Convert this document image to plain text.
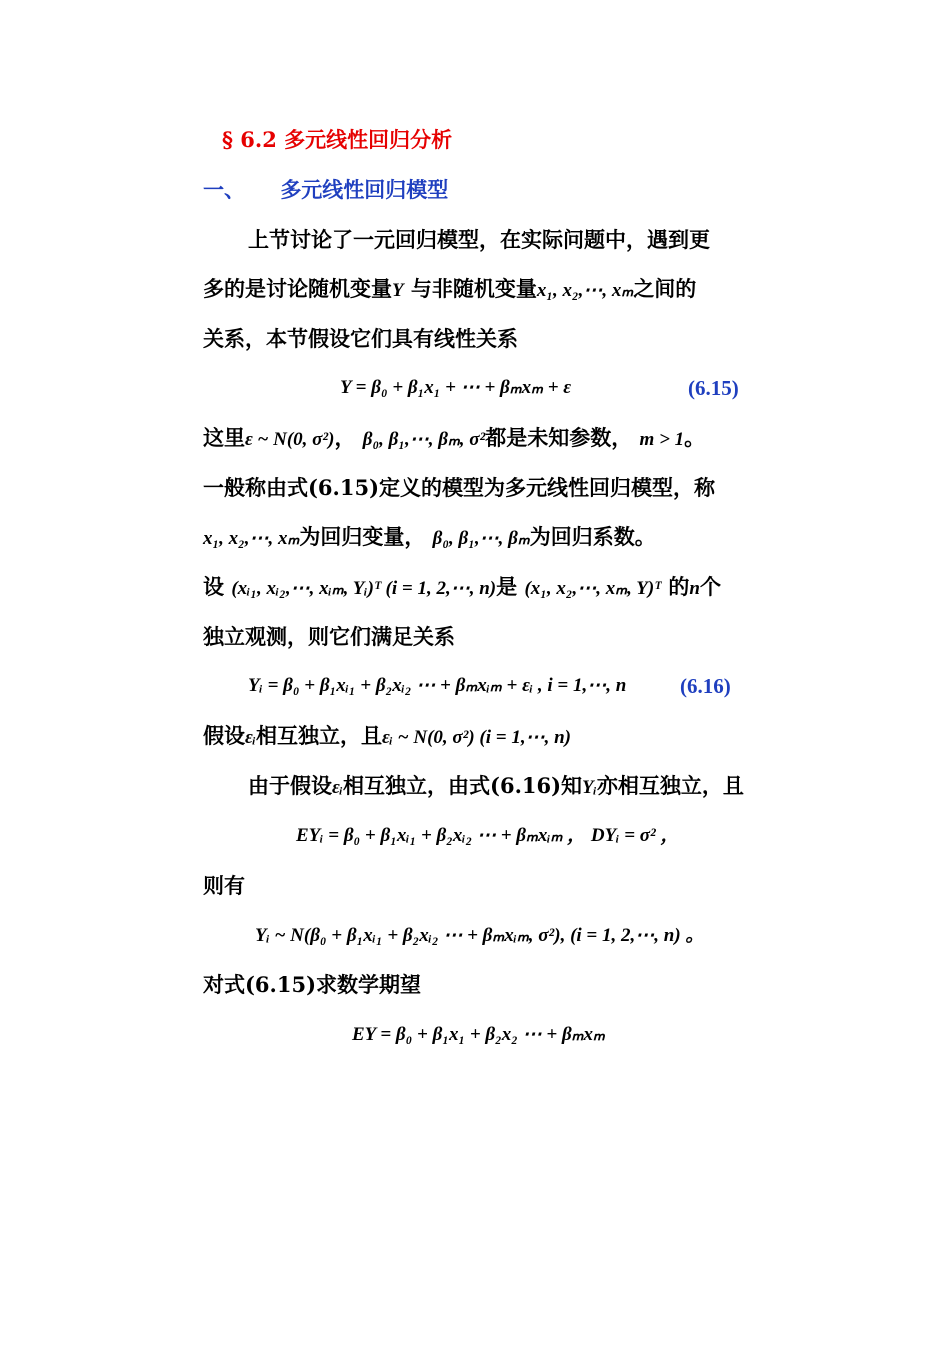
§ 6.2 多元线性回归分析
一、 多元线性回归模型
上节讨论了一元回归模型，在实际问题中，遇到更
多的是讨论随机变量Y 与非随机变量x₁, x₂,⋯, xₘ之间的
关系，本节假设它们具有线性关系
Y = β₀ + β₁x₁ + ⋯ + βₘxₘ + ε	(6.15)
这里ε ~ N(0, σ²)， β₀, β₁,⋯, βₘ, σ²都是未知参数， m > 1。
一般称由式(6.15)定义的模型为多元线性回归模型，称
x₁, x₂,⋯, xₘ为回归变量， β₀, β₁,⋯, βₘ为回归系数。
设 (xᵢ₁, xᵢ₂,⋯, xᵢₘ, Yᵢ)ᵀ (i = 1, 2,⋯, n)是 (x₁, x₂,⋯, xₘ, Y)ᵀ 的n个
独立观测，则它们满足关系
Yᵢ = β₀ + β₁xᵢ₁ + β₂xᵢ₂ ⋯ + βₘxᵢₘ + εᵢ , i = 1,⋯, n	(6.16)
假设εᵢ相互独立，且εᵢ ~ N(0, σ²) (i = 1,⋯, n)
由于假设εᵢ相互独立，由式(6.16)知Yᵢ亦相互独立，且
EYᵢ = β₀ + β₁xᵢ₁ + β₂xᵢ₂ ⋯ + βₘxᵢₘ ， DYᵢ = σ² ，
则有
Yᵢ ~ N(β₀ + β₁xᵢ₁ + β₂xᵢ₂ ⋯ + βₘxᵢₘ, σ²), (i = 1, 2,⋯, n) 。
对式(6.15)求数学期望
EY = β₀ + β₁x₁ + β₂x₂ ⋯ + βₘxₘ
